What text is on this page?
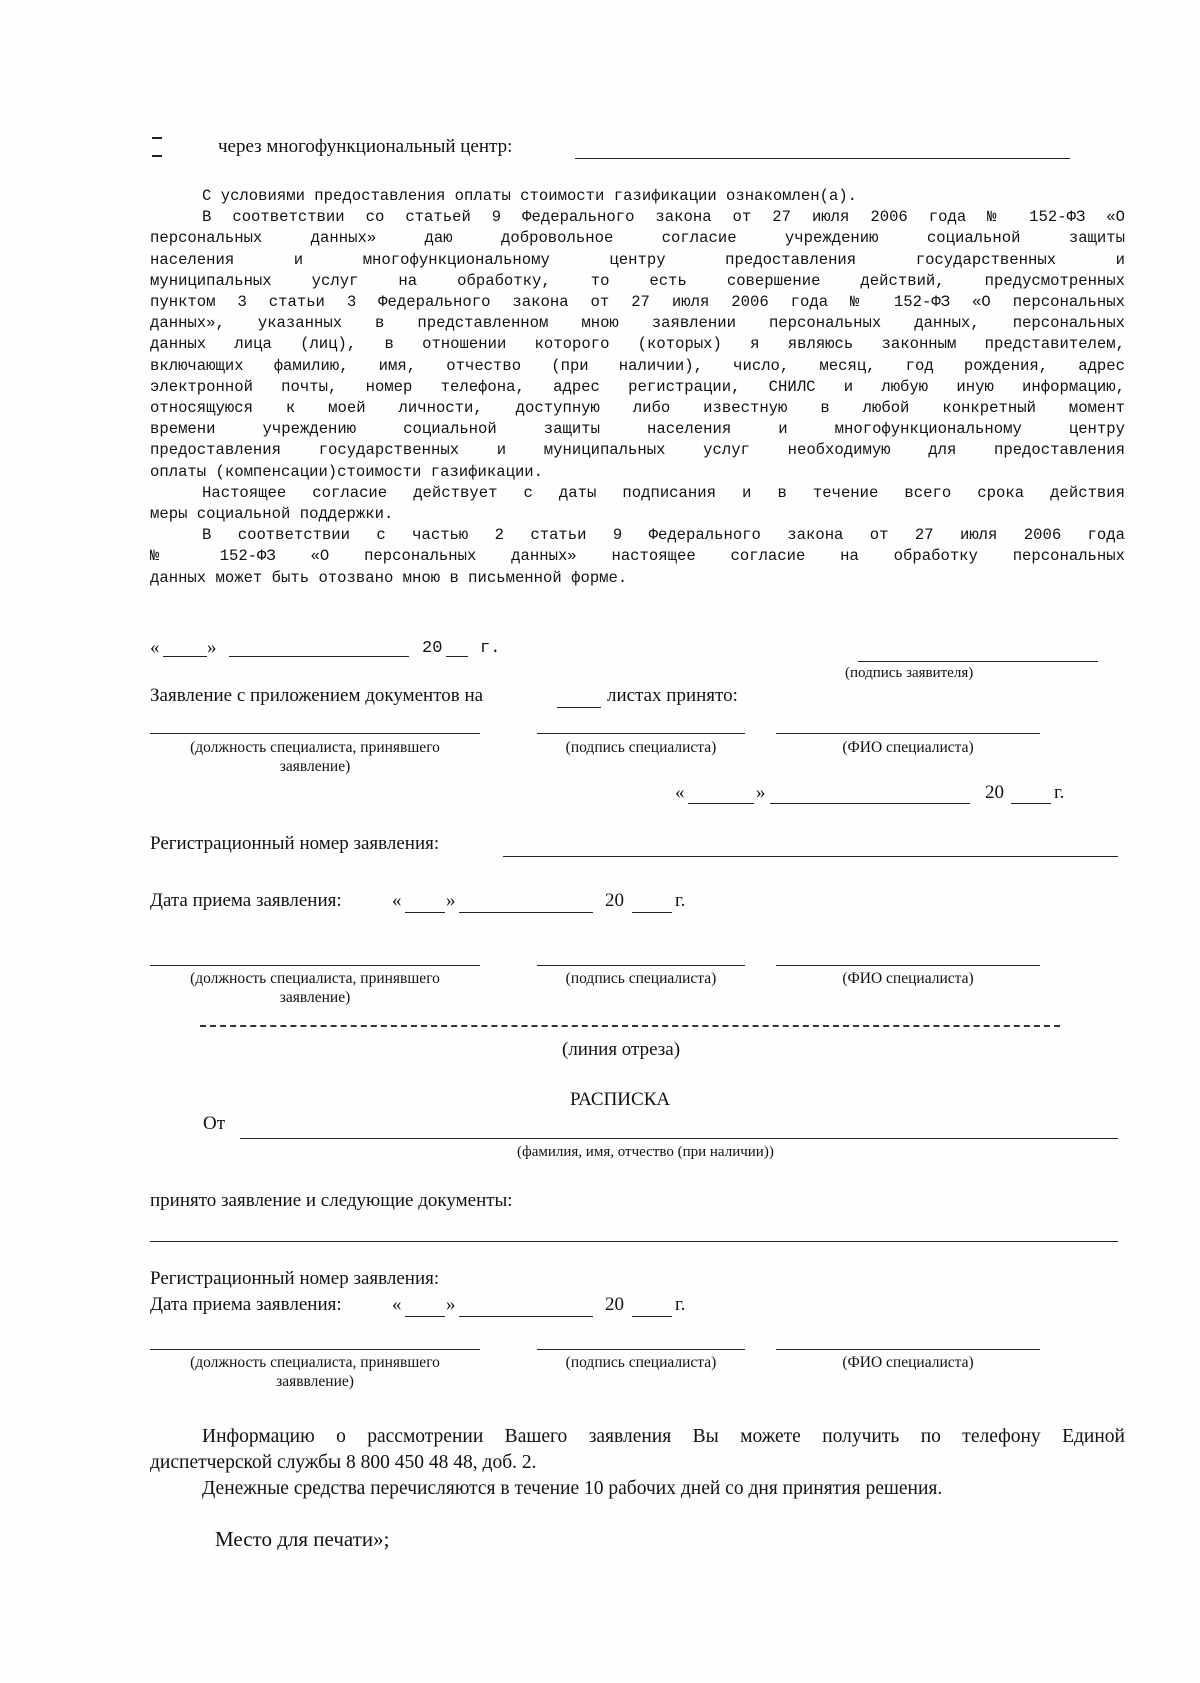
через многофункциональный центр:

С условиями предоставления оплаты стоимости газификации ознакомлен(а).

В соответствии со статьей 9 Федерального закона от 27 июля 2006 года № 152-ФЗ «О

персональных данных» даю добровольное согласие учреждению социальной защиты

населения и многофункциональному центру предоставления государственных и

муниципальных услуг на обработку, то есть совершение действий, предусмотренных

пунктом 3 статьи 3 Федерального закона от 27 июля 2006 года № 152-ФЗ «О персональных

данных», указанных в представленном мною заявлении персональных данных, персональных

данных лица (лиц), в отношении которого (которых) я являюсь законным представителем,

включающих фамилию, имя, отчество (при наличии), число, месяц, год рождения, адрес

электронной почты, номер телефона, адрес регистрации, СНИЛС и любую иную информацию,

относящуюся к моей личности, доступную либо известную в любой конкретный момент

времени учреждению социальной защиты населения и многофункциональному центру

предоставления государственных и муниципальных услуг необходимую для предоставления

оплаты (компенсации)стоимости газификации.

Настоящее согласие действует с даты подписания и в течение всего срока действия

меры социальной поддержки.

В соответствии с частью 2 статьи 9 Федерального закона от 27 июля 2006 года

№ 152-ФЗ «О персональных данных» настоящее согласие на обработку персональных

данных может быть отозвано мною в письменной форме.

«	»	20 г.
(подпись заявителя)
Заявление с приложением документов на	листах принято:
(должность специалиста, принявшего
заявление)
(подпись специалиста)	(ФИО специалиста)
«	»	20	г.
Регистрационный номер заявления:
Дата приема заявления:	« »	20	г.
(должность специалиста, принявшего
заявление)
(подпись специалиста)	(ФИО специалиста)
(линия отреза)
РАСПИСКА
От
(фамилия, имя, отчество (при наличии))
принято заявление и следующие документы:
Регистрационный номер заявления:
Дата приема заявления:	« »	20	г.
(должность специалиста, принявшего
заяввление)
(подпись специалиста)	(ФИО специалиста)

Информацию о рассмотрении Вашего заявления Вы можете получить по телефону Единой

диспетчерской службы 8 800 450 48 48, доб. 2.

Денежные средства перечисляются в течение 10 рабочих дней со дня принятия решения.

Место для печати»;
